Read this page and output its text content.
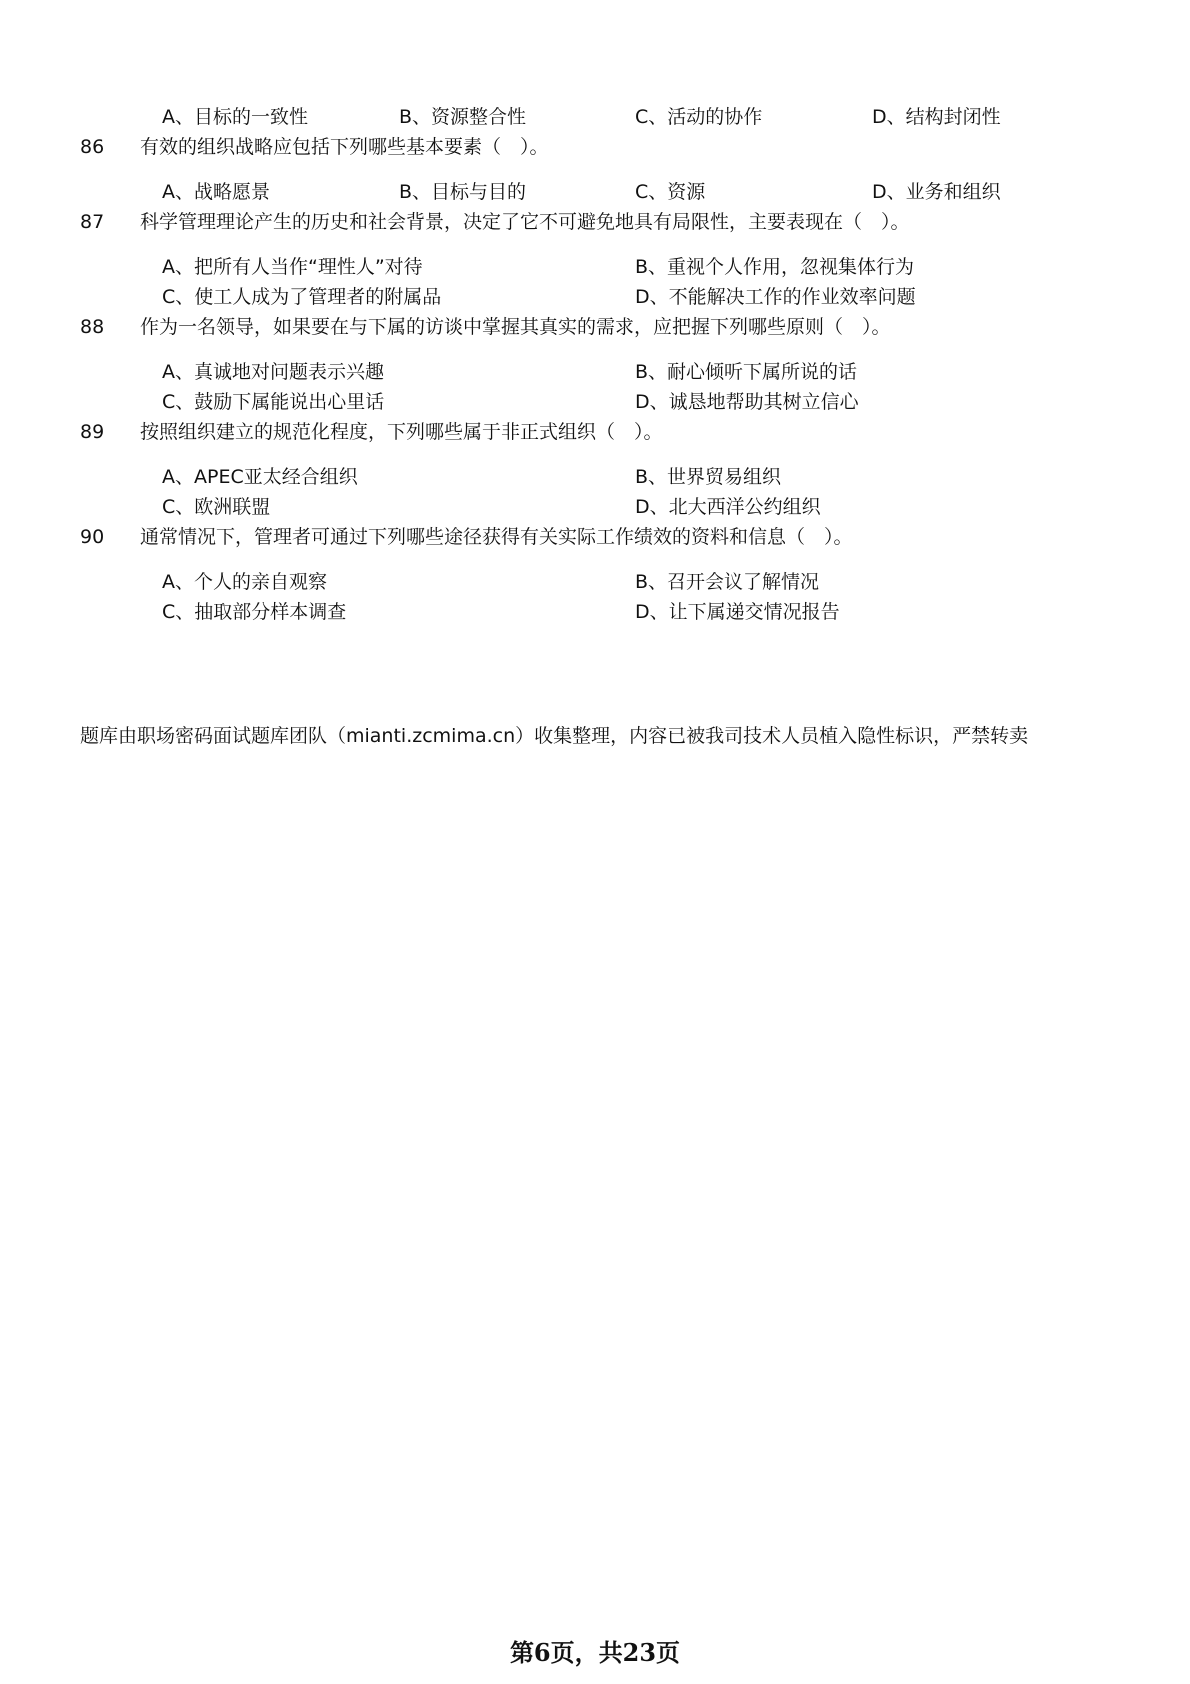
A、目标的一致性	B、资源整合性	C、活动的协作	D、结构封闭性
86	有效的组织战略应包括下列哪些基本要素（　）。
A、战略愿景	B、目标与目的	C、资源	D、业务和组织
87	科学管理理论产生的历史和社会背景，决定了它不可避免地具有局限性，主要表现在（　）。
A、把所有人当作“理性人”对待	B、重视个人作用，忽视集体行为
C、使工人成为了管理者的附属品	D、不能解决工作的作业效率问题
88	作为一名领导，如果要在与下属的访谈中掌握其真实的需求，应把握下列哪些原则（　）。
A、真诚地对问题表示兴趣	B、耐心倾听下属所说的话
C、鼓励下属能说出心里话	D、诚恳地帮助其树立信心
89	按照组织建立的规范化程度，下列哪些属于非正式组织（　）。
A、APEC亚太经合组织	B、世界贸易组织
C、欧洲联盟	D、北大西洋公约组织
90	通常情况下，管理者可通过下列哪些途径获得有关实际工作绩效的资料和信息（　）。
A、个人的亲自观察	B、召开会议了解情况
C、抽取部分样本调查	D、让下属递交情况报告
题库由职场密码面试题库团队（mianti.zcmima.cn）收集整理，内容已被我司技术人员植入隐性标识，严禁转卖
第6页，共23页
